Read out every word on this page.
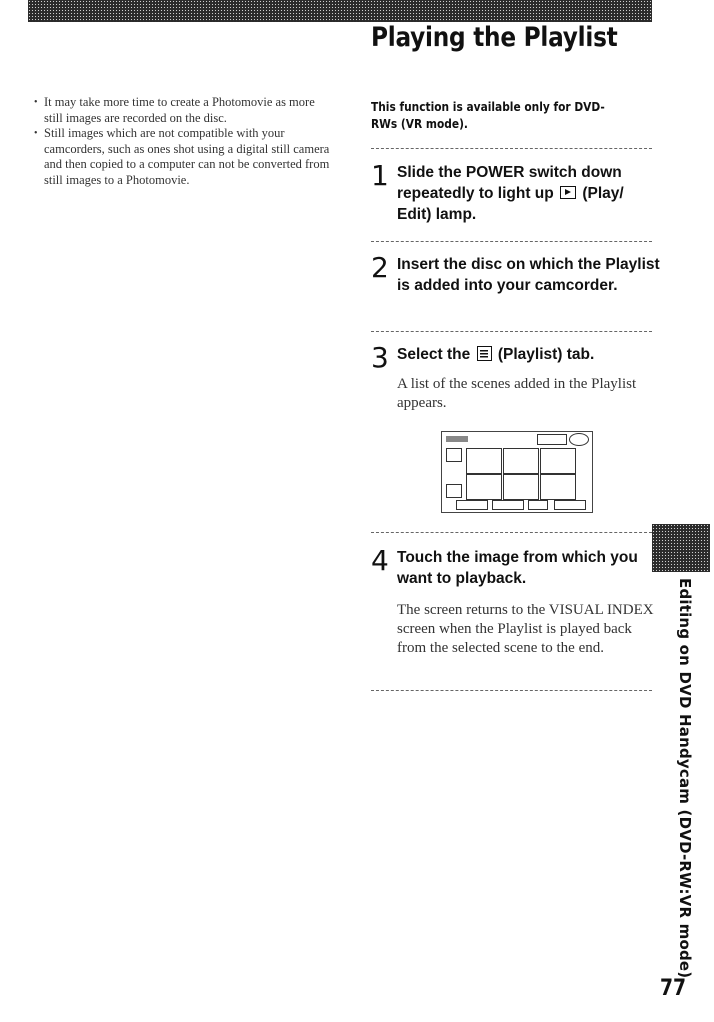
Playing the Playlist
• It may take more time to create a Photomovie as more still images are recorded on the disc.
• Still images which are not compatible with your camcorders, such as ones shot using a digital still camera and then copied to a computer can not be converted from still images to a Photomovie.
This function is available only for DVD-RWs (VR mode).
1 Slide the POWER switch down repeatedly to light up  (Play/ Edit) lamp.

2 Insert the disc on which the Playlist is added into your camcorder.

3 Select the  (Playlist) tab.

A list of the scenes added in the Playlist appears.

4 Touch the image from which you want to playback.

The screen returns to the VISUAL INDEX screen when the Playlist is played back from the selected scene to the end.	Editing on DVD Handycam (DVD-RW:VR mode)
77
